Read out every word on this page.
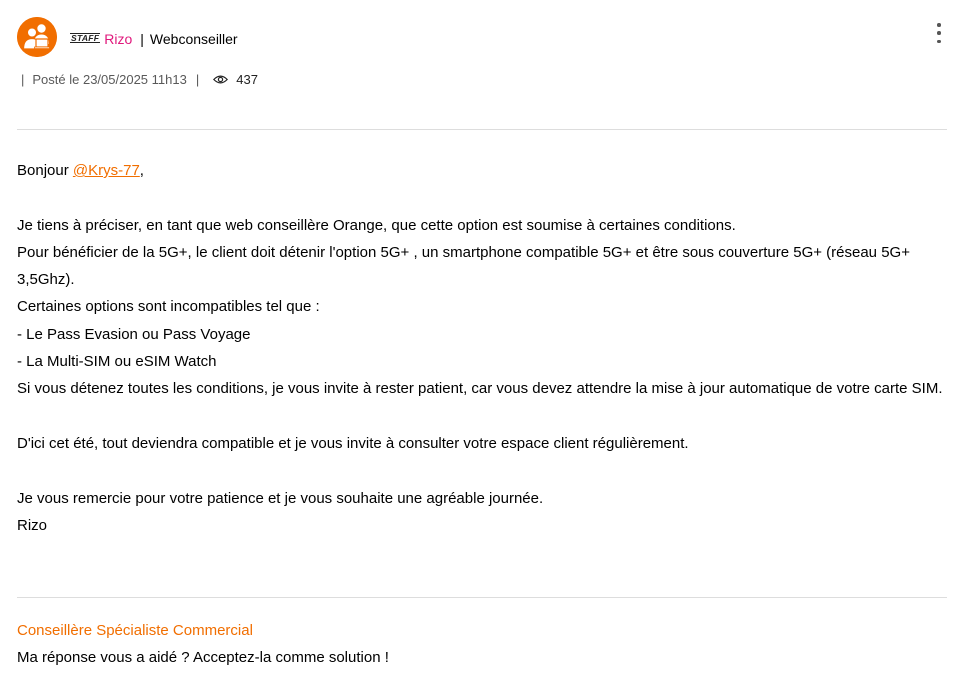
STAFF Rizo | Webconseiller
| Posté le 23/05/2025 11h13 |	437

Bonjour @Krys-77,

Je tiens à préciser, en tant que web conseillère Orange, que cette option est soumise à certaines conditions.

Pour bénéficier de la 5G+, le client doit détenir l'option 5G+ , un smartphone compatible 5G+ et être sous couverture 5G+ (réseau 5G+ 3,5Ghz).

Certaines options sont incompatibles tel que :

- Le Pass Evasion ou Pass Voyage

- La Multi-SIM ou eSIM Watch

Si vous détenez toutes les conditions, je vous invite à rester patient, car vous devez attendre la mise à jour automatique de votre carte SIM.

D'ici cet été, tout deviendra compatible et je vous invite à consulter votre espace client régulièrement.

Je vous remercie pour votre patience et je vous souhaite une agréable journée.

Rizo

Conseillère Spécialiste Commercial
Ma réponse vous a aidé ? Acceptez-la comme solution !
